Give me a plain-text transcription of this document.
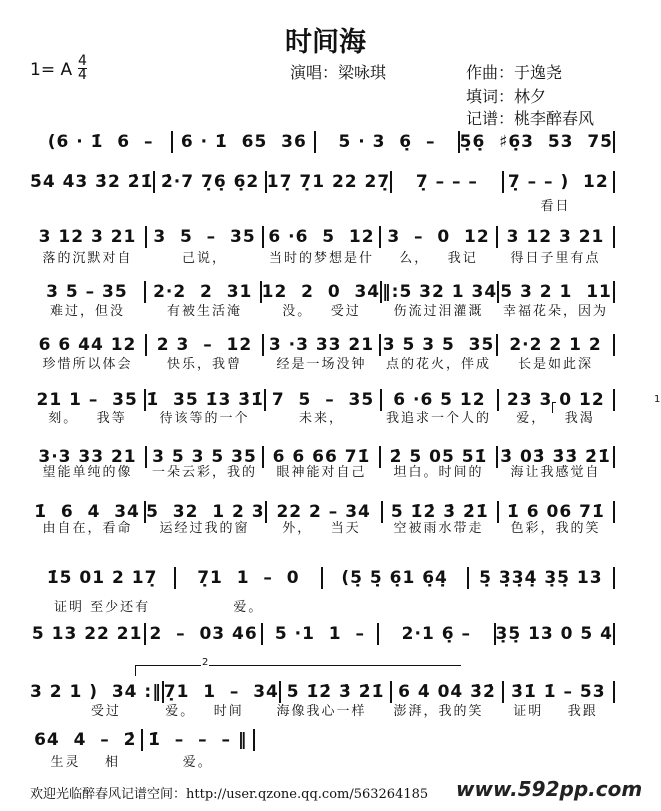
时间海
1= A $\frac{4}{4}$	演唱：梁咏琪	作曲：于逸尧
填词：林夕
记谱：桃李醉春风
(6 · 1̇  6  –	6 · 1̇  65  36	5 · 3  6̣  –	5̣6̣  ♯6̣3  53  75̇
5̇4 4̇3 3̇2 2̇1̇ 2̇·7 7̣6̣ 6̣2 17̣ 7̣1 22 27̣	7̣ – – –	7̣ – – )  12
看日
3 12 3 21 3  5  –  35 6 ·6  5  12 3  –  0  12 3 12 3 21
落的沉默对自	己说，	当时的梦想是什	么，   我记	得日子里有点
3 5 – 35	2·2  2  31 12  2  0  34 ‖:5 32 1 34 5 3 2 1  11
难过，但没	有被生活淹	没。   受过	伤流过泪灌溉	幸福花朵，因为
6 6 44 12	2 3  –  12 3 ·3 33 21 3 5 3 5  35 2·2 2 1 2
珍惜所以体会	快乐，我曾	经是一场没钟	点的花火，伴成	长是如此深
21 1 –  35 1̇  35 1̇3 3̇1̇ 7  5  –  35	6 ·6 5 12	23 3 0 12
刻。   我等	待该等的一个	未来，	我追求一个人的	爱，   我渴
3·3 33 21 3 5 3 5 35 6 6 66 71̇	2̇ 5 05 51̇ 3̇ 03̇ 3̇3̇ 2̇1̇
望能单纯的像	一朵云彩，我的	眼神能对自己	坦白。时间的	海让我感觉自
1̇  6  4  34 5  32  1 2 3 22 2 – 34	5 1̇2̇ 3̇ 2̇1̇	1̇ 6 06 71̇
由自在，看命	运经过我的窗	外，   当天	空被雨水带走	色彩，我的笑
1̇5 01 2 17̣	7̣1  1  –  0	(5̣ 5̣ 6̣1 6̣4̣	5̣ 3̣3̣4̣ 3̣5̣ 13
证明 至少还有	爱。
5 13 22 21 2  –  03 46	5 ·1  1  –	2·1 6̣ –	3̣5̣ 13 0 5 4
3 2 1 )  34 :‖ 7̣1  1  –  34 5 1̇2̇ 3̇ 2̇1̇ 6 4̇ 04̇ 3̇2̇ 3̇1̇ 1̇ – 53
受过	爱。   时间	海像我心一样	澎湃，我的笑	证明    我跟
64  4  –  2̇ 1̇  –  –  – ‖
生灵    相	爱。
欢迎光临醉春风记谱空间：http://user.qzone.qq.com/563264185 www.592pp.com
1
2
